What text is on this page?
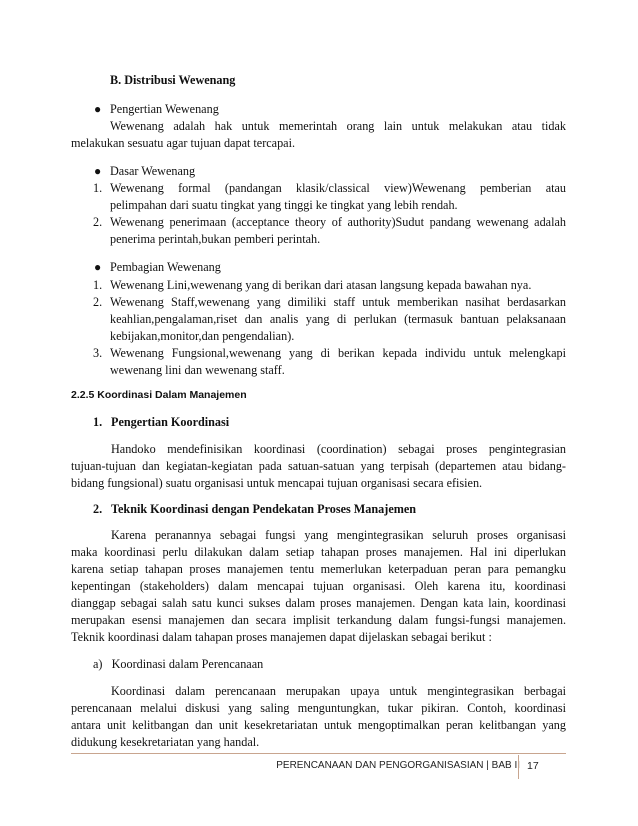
B. Distribusi Wewenang
● Pengertian Wewenang
Wewenang adalah hak untuk memerintah orang lain untuk melakukan atau tidak
melakukan sesuatu agar tujuan dapat tercapai.
● Dasar Wewenang
1. Wewenang formal (pandangan klasik/classical view)Wewenang pemberian atau
pelimpahan dari suatu tingkat yang tinggi ke tingkat yang lebih rendah.
2. Wewenang penerimaan (acceptance theory of authority)Sudut pandang wewenang adalah
penerima perintah,bukan pemberi perintah.
● Pembagian Wewenang
1. Wewenang Lini,wewenang yang di berikan dari atasan langsung kepada bawahan nya.
2. Wewenang Staff,wewenang yang dimiliki staff untuk memberikan nasihat berdasarkan
keahlian,pengalaman,riset dan analis yang di perlukan (termasuk bantuan pelaksanaan
kebijakan,monitor,dan pengendalian).
3. Wewenang Fungsional,wewenang yang di berikan kepada individu untuk melengkapi
wewenang lini dan wewenang staff.
2.2.5 Koordinasi Dalam Manajemen
1. Pengertian Koordinasi
Handoko mendefinisikan koordinasi (coordination) sebagai proses pengintegrasian
tujuan-tujuan dan kegiatan-kegiatan pada satuan-satuan yang terpisah (departemen atau bidang-
bidang fungsional) suatu organisasi untuk mencapai tujuan organisasi secara efisien.
2. Teknik Koordinasi dengan Pendekatan Proses Manajemen
Karena peranannya sebagai fungsi yang mengintegrasikan seluruh proses organisasi
maka koordinasi perlu dilakukan dalam setiap tahapan proses manajemen. Hal ini diperlukan
karena setiap tahapan proses manajemen tentu memerlukan keterpaduan peran para pemangku
kepentingan (stakeholders) dalam mencapai tujuan organisasi. Oleh karena itu, koordinasi
dianggap sebagai salah satu kunci sukses dalam proses manajemen. Dengan kata lain, koordinasi
merupakan esensi manajemen dan secara implisit terkandung dalam fungsi-fungsi manajemen.
Teknik koordinasi dalam tahapan proses manajemen dapat dijelaskan sebagai berikut :
a)   Koordinasi dalam Perencanaan
Koordinasi dalam perencanaan merupakan upaya untuk mengintegrasikan berbagai
perencanaan melalui diskusi yang saling menguntungkan, tukar pikiran. Contoh, koordinasi
antara unit kelitbangan dan unit kesekretariatan untuk mengoptimalkan peran kelitbangan yang
didukung kesekretariatan yang handal.
PERENCANAAN DAN PENGORGANISASIAN | BAB II 17
